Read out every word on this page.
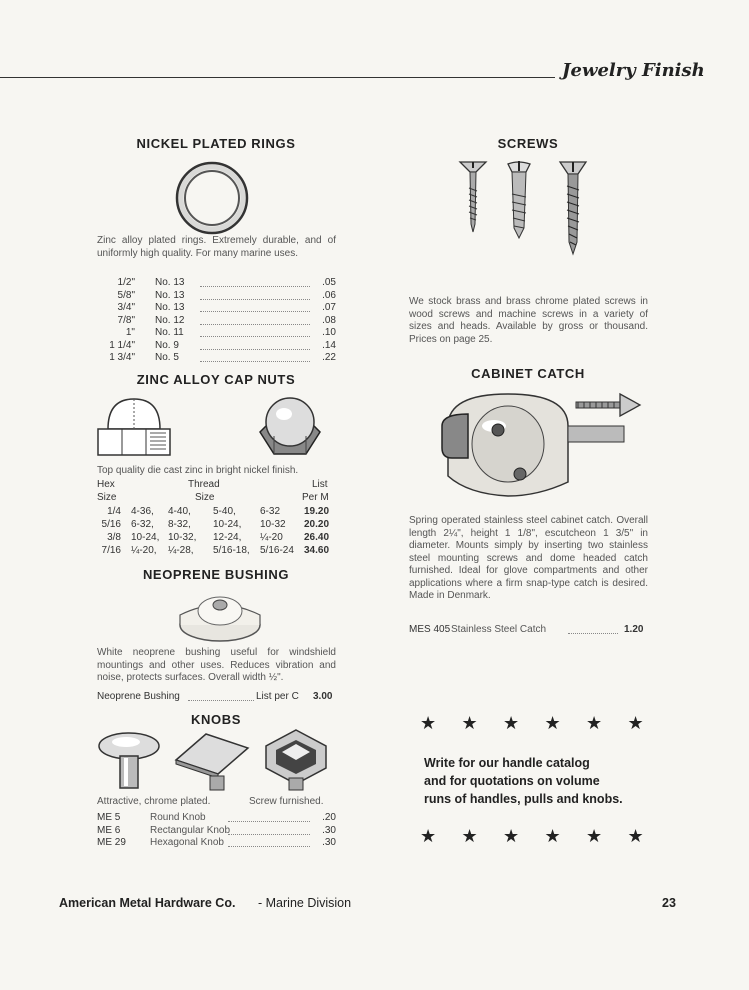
Jewelry Finish
NICKEL PLATED RINGS
Zinc alloy plated rings. Extremely durable, and of uniformly high quality. For many marine uses.
1/2" No. 13	.05
5/8" No. 13	.06
3/4" No. 13	.07
7/8" No. 12	.08
1" No. 11	.10
1 1/4" No. 9	.14
1 3/4" No. 5	.22
ZINC ALLOY CAP NUTS
Top quality die cast zinc in bright nickel finish.
Hex	Thread	List
Size	Size	Per M
1/4 4-36, 4-40, 5-40, 6-32 19.20
5/16 6-32, 8-32, 10-24, 10-32 20.20
3/8 10-24, 10-32, 12-24, ¼-20 26.40
7/16 ¼-20, ¼-28, 5/16-18, 5/16-24 34.60
NEOPRENE BUSHING
White neoprene bushing useful for windshield mountings and other uses. Reduces vibration and noise, protects surfaces. Overall width ½".
Neoprene Bushing	List per C 3.00
KNOBS
Attractive, chrome plated.	Screw furnished.
ME 5	Round Knob	.20
ME 6	Rectangular Knob	.30
ME 29 Hexagonal Knob	.30
SCREWS
We stock brass and brass chrome plated screws in wood screws and machine screws in a variety of sizes and heads. Available by gross or thousand. Prices on page 25.
CABINET CATCH
Spring operated stainless steel cabinet catch. Overall length 2¼", height 1 1/8", escutcheon 1 3/5" in diameter. Mounts simply by inserting two stainless steel mounting screws and dome headed catch furnished. Ideal for glove compartments and other applications where a firm snap-type catch is desired. Made in Denmark.
MES 405 Stainless Steel Catch	1.20
★ ★ ★ ★ ★ ★
Write for our handle catalog
and for quotations on volume
runs of handles, pulls and knobs.
★ ★ ★ ★ ★ ★
American Metal Hardware Co. - Marine Division	23
